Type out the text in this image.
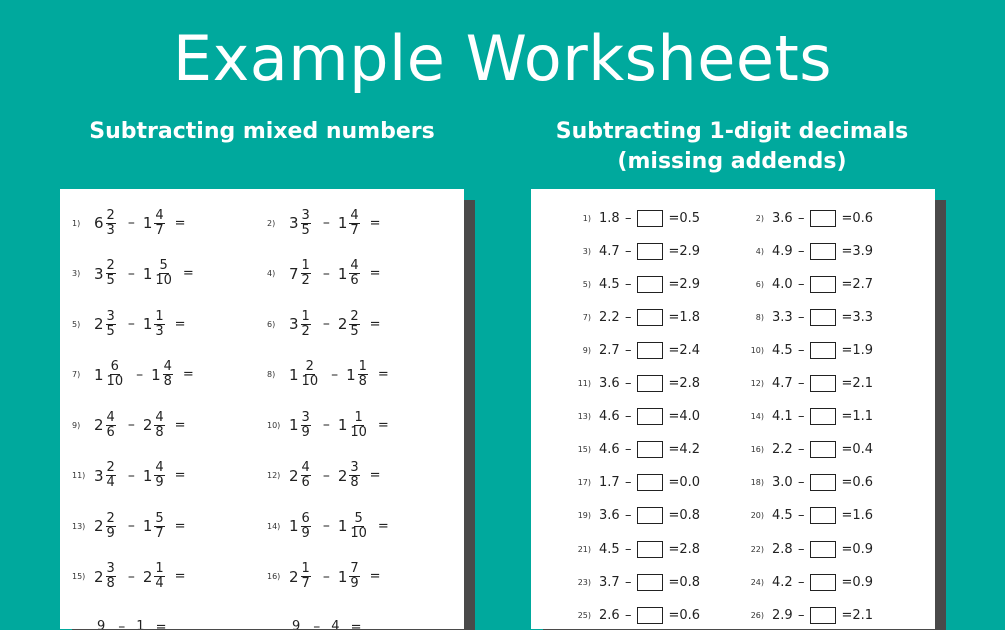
Example Worksheets
Subtracting mixed numbers	Subtracting 1-digit decimals
(missing addends)
1) $6 \frac{2}{3} - 1 \frac{4}{7}$ =	2) $3 \frac{3}{5} - 1 \frac{4}{7}$ =
3) $3 \frac{2}{5} - 1 \frac{5}{10}$ =	4) $7 \frac{1}{2} - 1 \frac{4}{6}$ =
5) $2 \frac{3}{5} - 1 \frac{1}{3}$ =	6) $3 \frac{1}{2} - 2 \frac{2}{5}$ =
7) $1 \frac{6}{10} - 1 \frac{4}{8}$ =	8) $1 \frac{2}{10} - 1 \frac{1}{8}$ =
9) $2 \frac{4}{6} - 2 \frac{4}{8}$ =	10) $1 \frac{3}{9} - 1 \frac{1}{10}$ =
11) $3 \frac{2}{4} - 1 \frac{4}{9}$ =	12) $2 \frac{4}{6} - 2 \frac{3}{8}$ =
13) $2 \frac{2}{9} - 1 \frac{5}{7}$ =	14) $1 \frac{6}{9} - 1 \frac{5}{10}$ =
15) $2 \frac{3}{8} - 2 \frac{1}{4}$ =	16) $2 \frac{1}{7} - 1 \frac{7}{9}$ =
9 – 1 =	9 – 4 =
1) 1.8 –	= 0.5	2) 3.6 –	= 0.6
3) 4.7 –	= 2.9	4) 4.9 –	= 3.9
5) 4.5 –	= 2.9	6) 4.0 –	= 2.7
7) 2.2 –	= 1.8	8) 3.3 –	= 3.3
9) 2.7 –	= 2.4	10) 4.5 –	= 1.9
11) 3.6 –	= 2.8	12) 4.7 –	= 2.1
13) 4.6 –	= 4.0	14) 4.1 –	= 1.1
15) 4.6 –	= 4.2	16) 2.2 –	= 0.4
17) 1.7 –	= 0.0	18) 3.0 –	= 0.6
19) 3.6 –	= 0.8	20) 4.5 –	= 1.6
21) 4.5 –	= 2.8	22) 2.8 –	= 0.9
23) 3.7 –	= 0.8	24) 4.2 –	= 0.9
25) 2.6 –	= 0.6	26) 2.9 –	= 2.1
